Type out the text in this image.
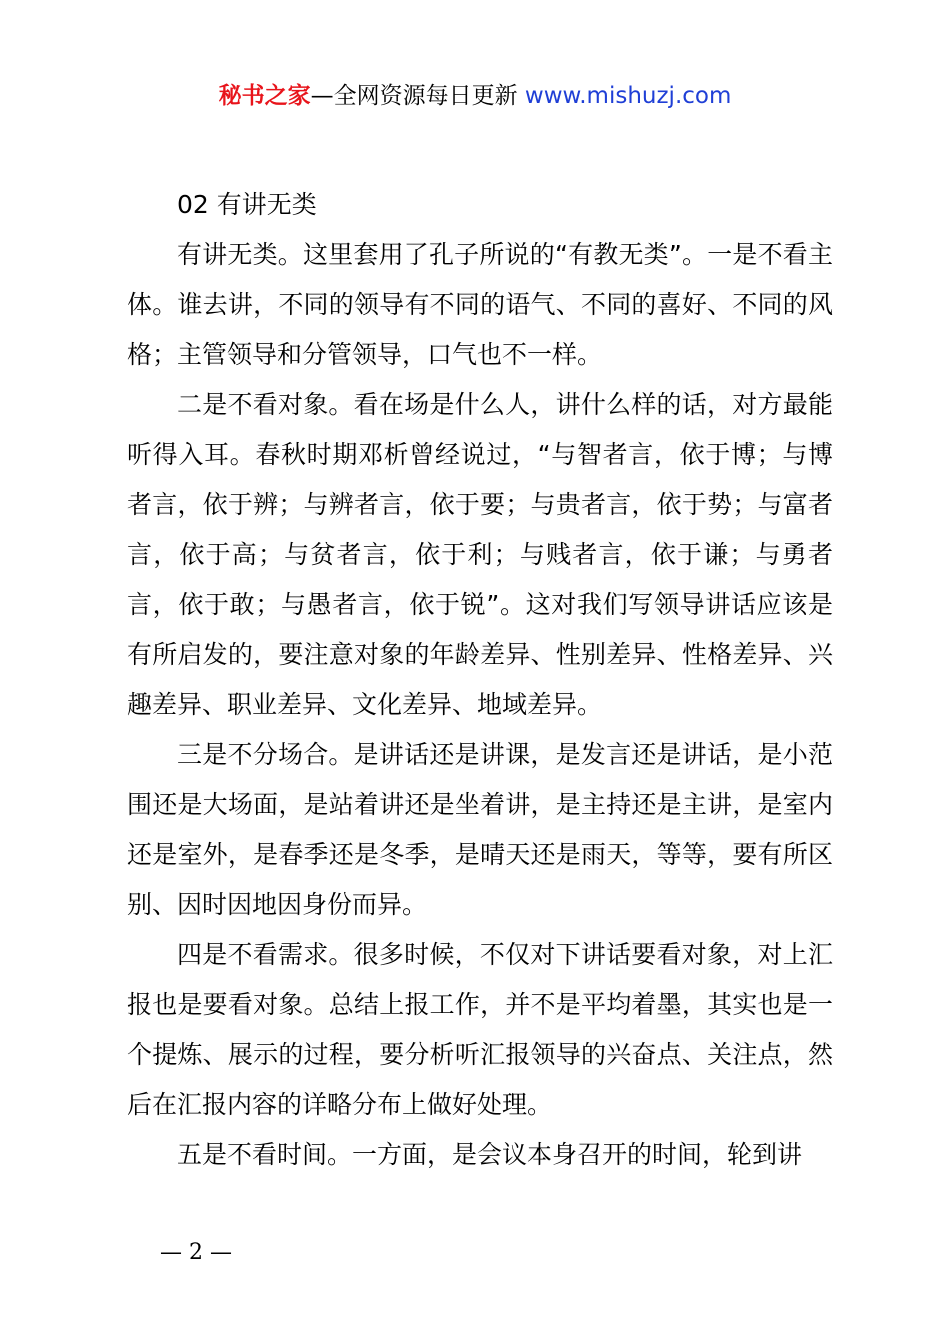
秘书之家—全网资源每日更新 www.mishuzj.com

02 有讲无类

有讲无类。这里套用了孔子所说的“有教无类”。一是不看主体。谁去讲，不同的领导有不同的语气、不同的喜好、不同的风格；主管领导和分管领导，口气也不一样。

二是不看对象。看在场是什么人，讲什么样的话，对方最能听得入耳。春秋时期邓析曾经说过，“与智者言，依于博；与博者言，依于辨；与辨者言，依于要；与贵者言，依于势；与富者言，依于高；与贫者言，依于利；与贱者言，依于谦；与勇者言，依于敢；与愚者言，依于锐”。这对我们写领导讲话应该是有所启发的，要注意对象的年龄差异、性别差异、性格差异、兴趣差异、职业差异、文化差异、地域差异。

三是不分场合。是讲话还是讲课，是发言还是讲话，是小范围还是大场面，是站着讲还是坐着讲，是主持还是主讲，是室内还是室外，是春季还是冬季，是晴天还是雨天，等等，要有所区别、因时因地因身份而异。

四是不看需求。很多时候，不仅对下讲话要看对象，对上汇报也是要看对象。总结上报工作，并不是平均着墨，其实也是一个提炼、展示的过程，要分析听汇报领导的兴奋点、关注点，然后在汇报内容的详略分布上做好处理。

五是不看时间。一方面，是会议本身召开的时间，轮到讲

— 2 —
